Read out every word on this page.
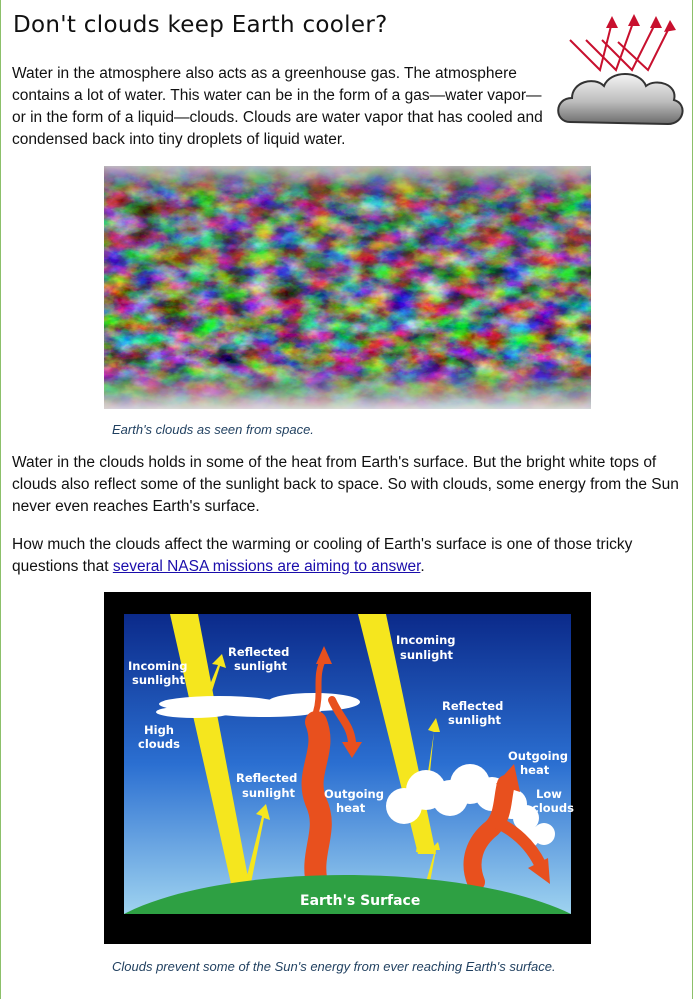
Don't clouds keep Earth cooler?

Water in the atmosphere also acts as a greenhouse gas. The atmosphere contains a lot of water. This water can be in the form of a gas—water vapor—or in the form of a liquid—clouds. Clouds are water vapor that has cooled and condensed back into tiny droplets of liquid water.

Earth's clouds as seen from space.

Water in the clouds holds in some of the heat from Earth's surface. But the bright white tops of clouds also reflect some of the sunlight back to space. So with clouds, some energy from the Sun never even reaches Earth's surface.

How much the clouds affect the warming or cooling of Earth's surface is one of those tricky questions that several NASA missions are aiming to answer.

Incoming
sunlight
Reflected
sunlight
High
clouds
Reflected
sunlight	Outgoing
heat
Incoming
sunlight
Reflected
sunlight
Outgoing
heat
Low
clouds
Earth's Surface
Clouds prevent some of the Sun's energy from ever reaching Earth's surface.
